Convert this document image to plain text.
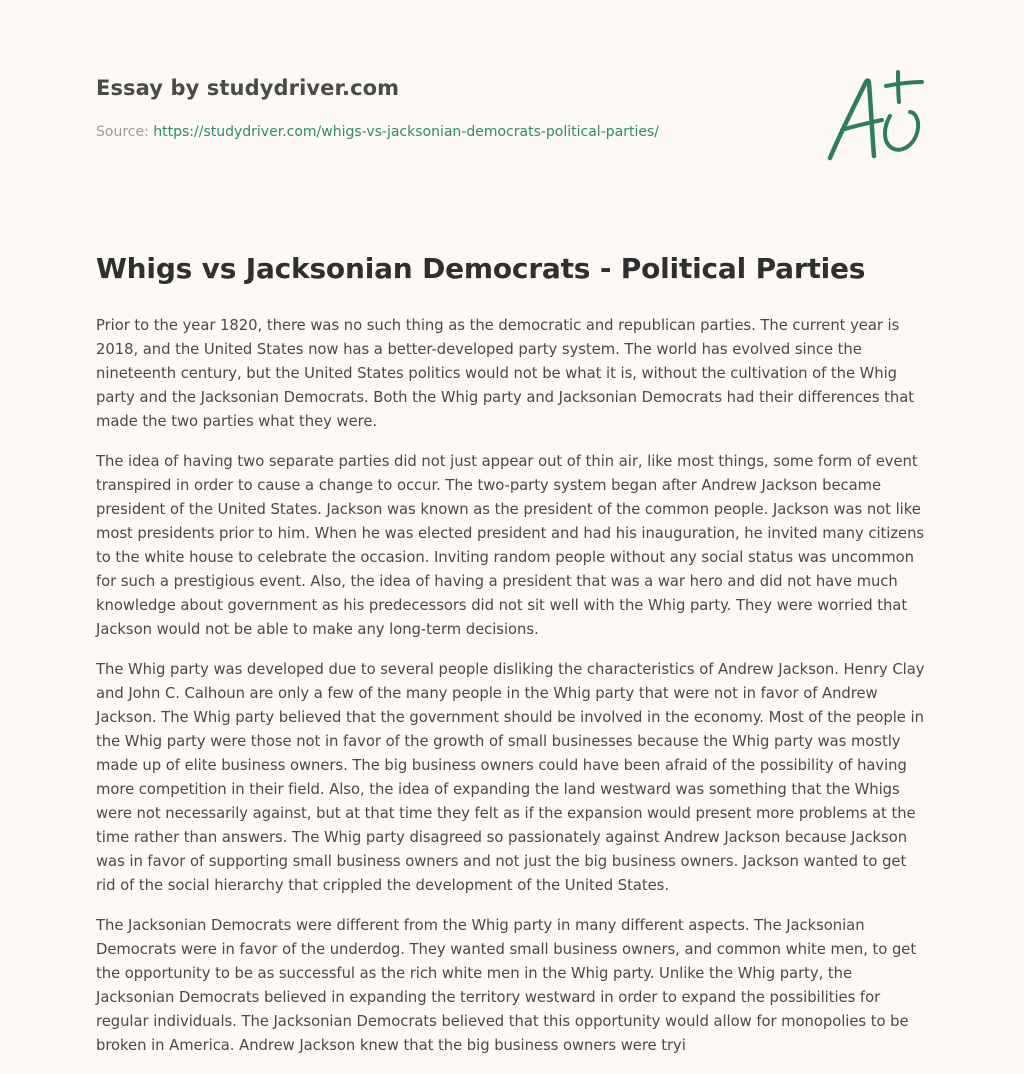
Essay by studydriver.com
Source: https://studydriver.com/whigs-vs-jacksonian-democrats-political-parties/
Whigs vs Jacksonian Democrats - Political Parties

Prior to the year 1820, there was no such thing as the democratic and republican parties. The current year is 2018, and the United States now has a better-developed party system. The world has evolved since the nineteenth century, but the United States politics would not be what it is, without the cultivation of the Whig party and the Jacksonian Democrats. Both the Whig party and Jacksonian Democrats had their differences that made the two parties what they were.

The idea of having two separate parties did not just appear out of thin air, like most things, some form of event transpired in order to cause a change to occur. The two-party system began after Andrew Jackson became president of the United States. Jackson was known as the president of the common people. Jackson was not like most presidents prior to him. When he was elected president and had his inauguration, he invited many citizens to the white house to celebrate the occasion. Inviting random people without any social status was uncommon for such a prestigious event. Also, the idea of having a president that was a war hero and did not have much knowledge about government as his predecessors did not sit well with the Whig party. They were worried that Jackson would not be able to make any long-term decisions.

The Whig party was developed due to several people disliking the characteristics of Andrew Jackson. Henry Clay and John C. Calhoun are only a few of the many people in the Whig party that were not in favor of Andrew Jackson. The Whig party believed that the government should be involved in the economy. Most of the people in the Whig party were those not in favor of the growth of small businesses because the Whig party was mostly made up of elite business owners. The big business owners could have been afraid of the possibility of having more competition in their field. Also, the idea of expanding the land westward was something that the Whigs were not necessarily against, but at that time they felt as if the expansion would present more problems at the time rather than answers. The Whig party disagreed so passionately against Andrew Jackson because Jackson was in favor of supporting small business owners and not just the big business owners. Jackson wanted to get rid of the social hierarchy that crippled the development of the United States.

The Jacksonian Democrats were different from the Whig party in many different aspects. The Jacksonian Democrats were in favor of the underdog. They wanted small business owners, and common white men, to get the opportunity to be as successful as the rich white men in the Whig party. Unlike the Whig party, the Jacksonian Democrats believed in expanding the territory westward in order to expand the possibilities for regular individuals. The Jacksonian Democrats believed that this opportunity would allow for monopolies to be broken in America. Andrew Jackson knew that the big business owners were tryi
